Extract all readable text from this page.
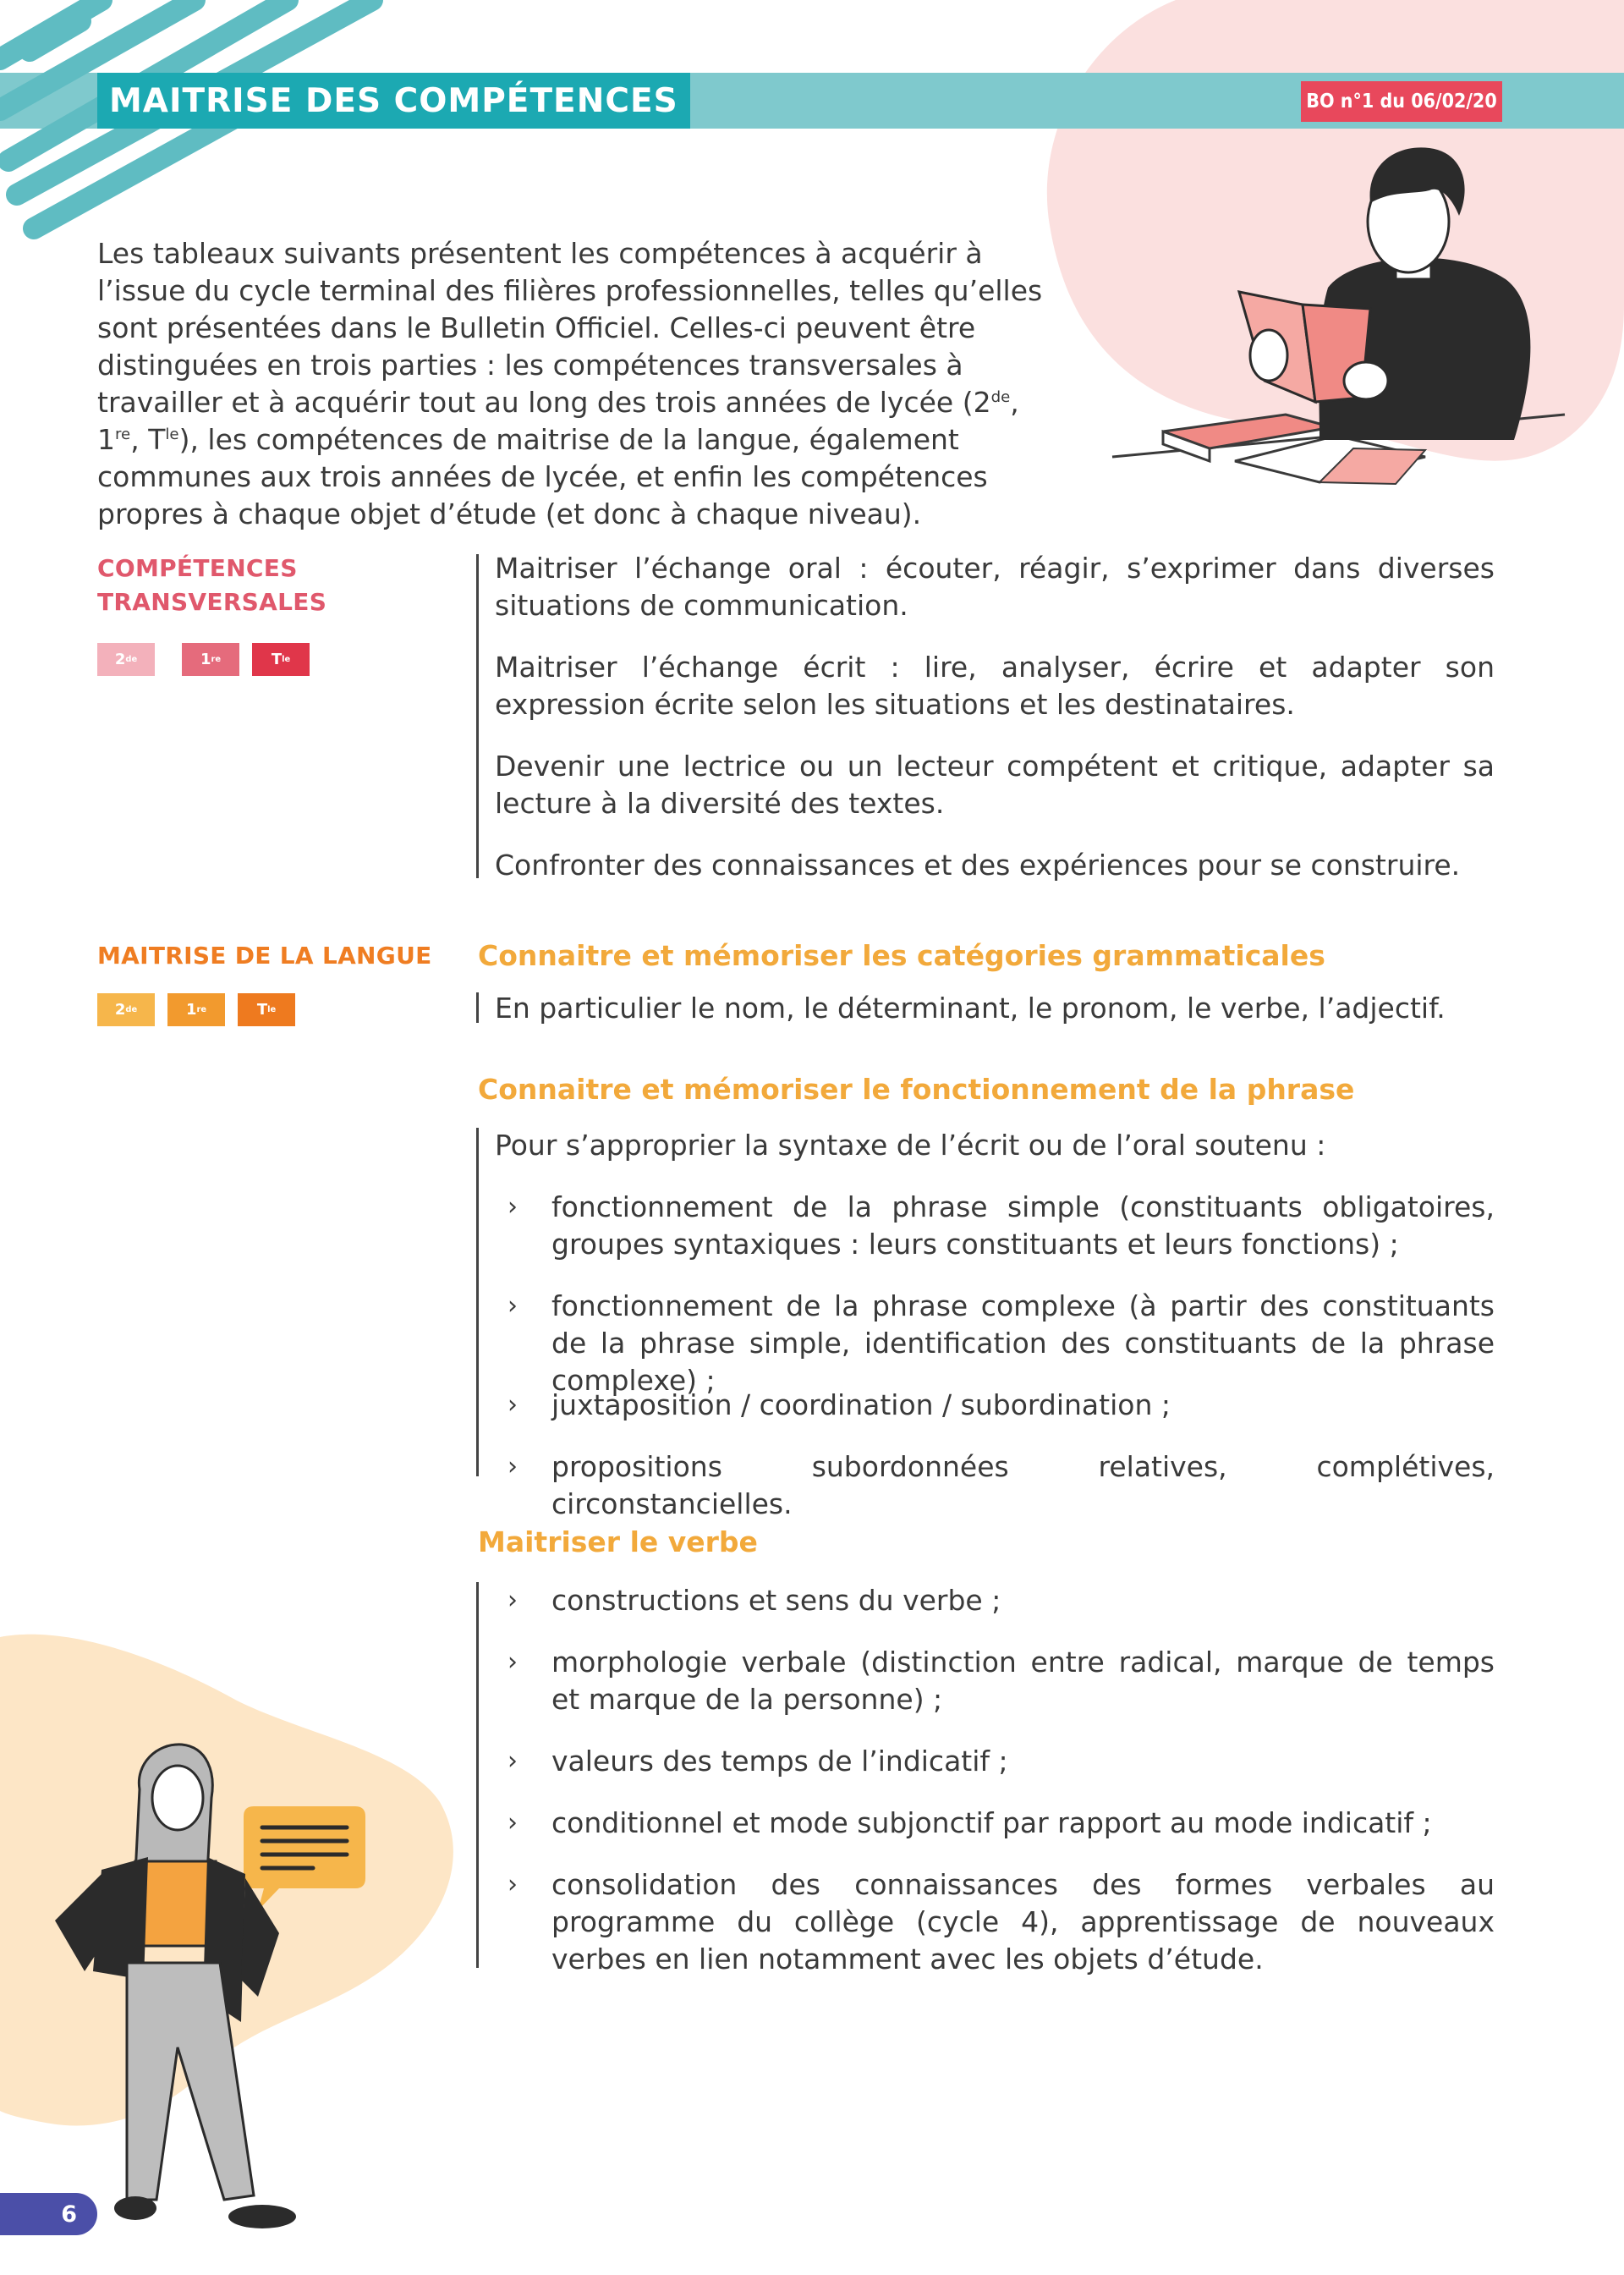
MAITRISE DES COMPÉTENCES	BO n°1 du 06/02/20

Les tableaux suivants présentent les compétences à acquérir à l’issue du cycle terminal des filières professionnelles, telles qu’elles sont présentées dans le Bulletin Officiel. Celles-ci peuvent être distinguées en trois parties : les compétences transversales à travailler et à acquérir tout au long des trois années de lycée (2de, 1re, $T^{le}$), les compétences de maitrise de la langue, également communes aux trois années de lycée, et enfin les compétences propres à chaque objet d’étude (et donc à chaque niveau).

COMPÉTENCES
TRANSVERSALES
2 de	1 re	T le

Maitriser l’échange oral : écouter, réagir, s’exprimer dans diverses situations de communication.

Maitriser l’échange écrit : lire, analyser, écrire et adapter son expression écrite selon les situations et les destinataires.

Devenir une lectrice ou un lecteur compétent et critique, adapter sa lecture à la diversité des textes.

Confronter des connaissances et des expériences pour se construire.

MAITRISE DE LA LANGUE
2 de	1 re	T le

Connaitre et mémoriser les catégories grammaticales

En particulier le nom, le déterminant, le pronom, le verbe, l’adjectif.

Connaitre et mémoriser le fonctionnement de la phrase

Pour s’approprier la syntaxe de l’écrit ou de l’oral soutenu :

›	fonctionnement de la phrase simple (constituants obligatoires, groupes syntaxiques : leurs constituants et leurs fonctions) ;

›	fonctionnement de la phrase complexe (à partir des constituants de la phrase simple, identification des constituants de la phrase complexe) ;

›	juxtaposition / coordination / subordination ;

›	propositions subordonnées relatives, complétives, circonstancielles.

Maitriser le verbe

›	constructions et sens du verbe ;

›	morphologie verbale (distinction entre radical, marque de temps et marque de la personne) ;

›	valeurs des temps de l’indicatif ;

›	conditionnel et mode subjonctif par rapport au mode indicatif ;

›	consolidation des connaissances des formes verbales au programme du collège (cycle 4), apprentissage de nouveaux verbes en lien notamment avec les objets d’étude.

6
